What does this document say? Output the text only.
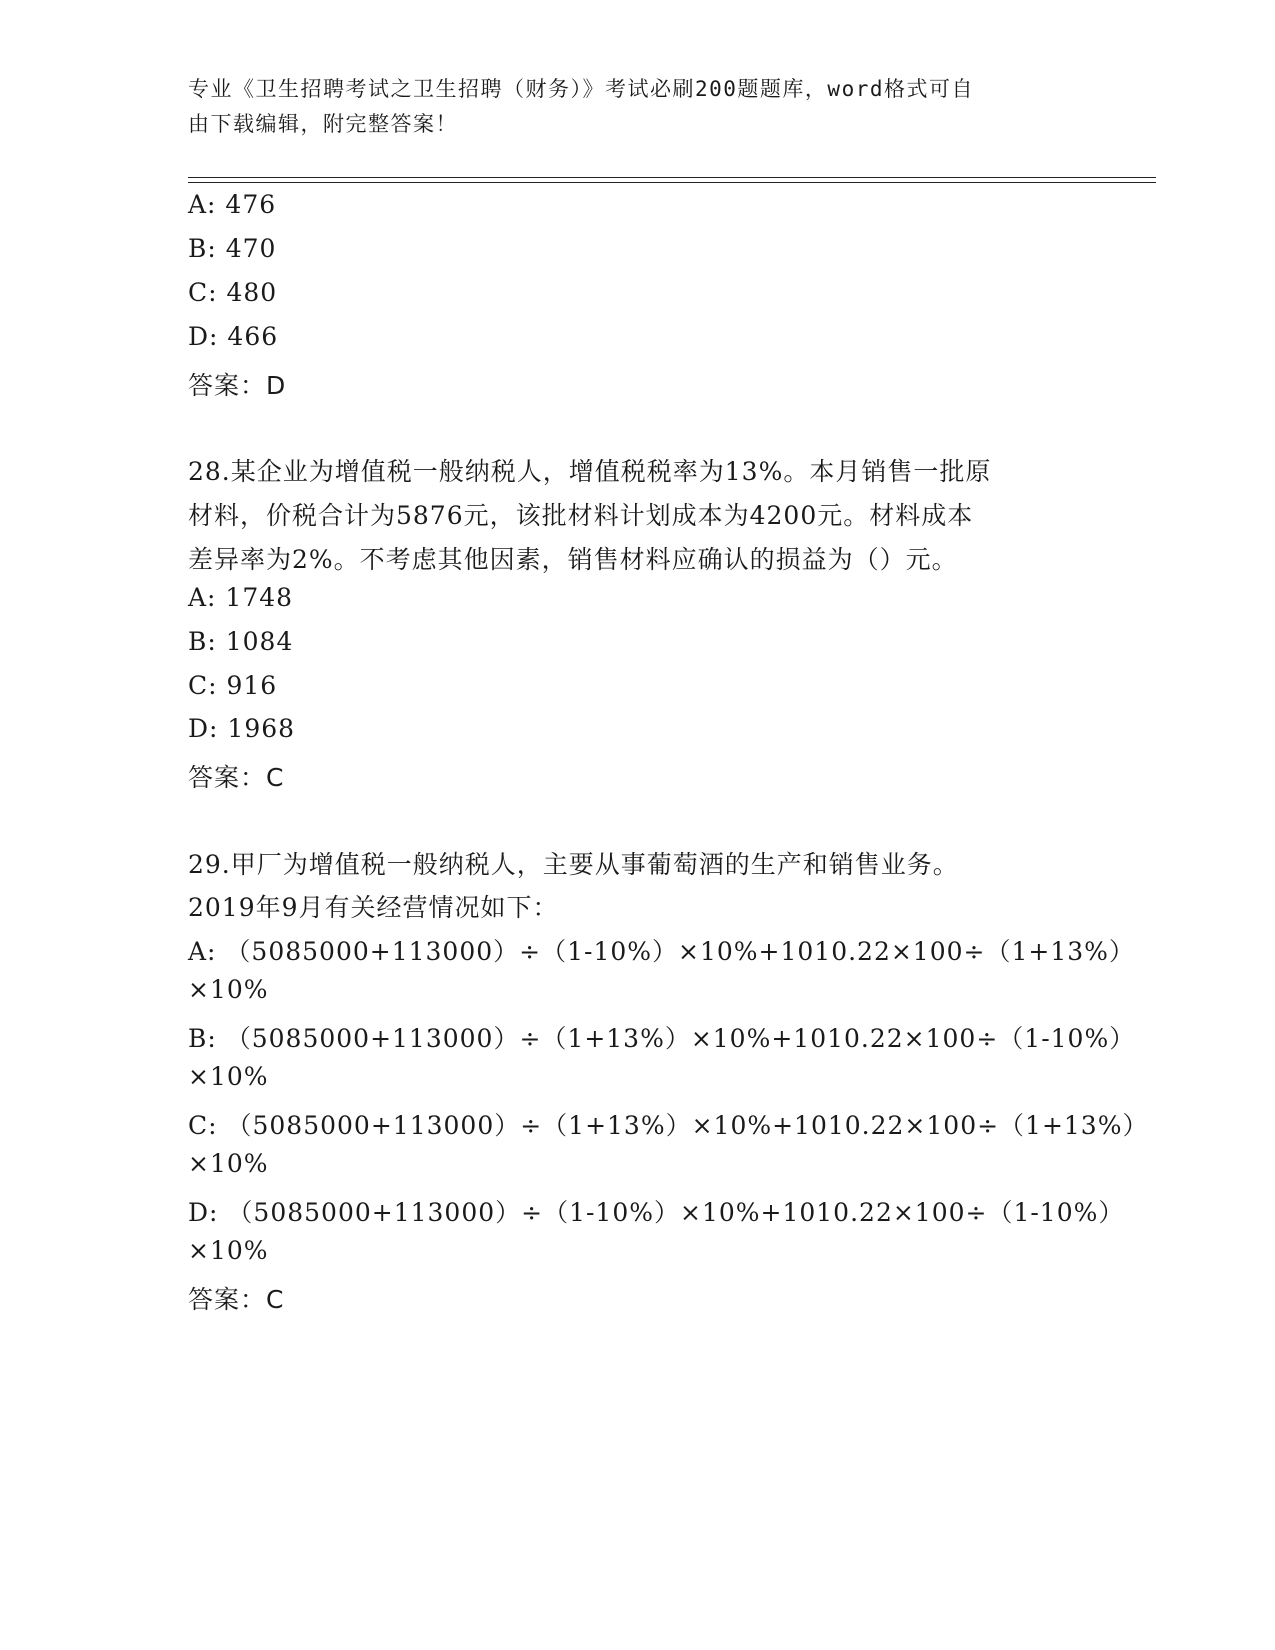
专业《卫生招聘考试之卫生招聘（财务）》考试必刷200题题库，word格式可自
由下载编辑，附完整答案！
A: 476
B: 470
C: 480
D: 466
答案：D
28.某企业为增值税一般纳税人，增值税税率为13%。本月销售一批原
材料，价税合计为5876元，该批材料计划成本为4200元。材料成本
差异率为2%。不考虑其他因素，销售材料应确认的损益为（）元。
A: 1748
B: 1084
C: 916
D: 1968
答案：C
29.甲厂为增值税一般纳税人，主要从事葡萄酒的生产和销售业务。
2019年9月有关经营情况如下：
A: （5085000+113000）÷（1-10%）×10%+1010.22×100÷（1+13%）
×10%
B: （5085000+113000）÷（1+13%）×10%+1010.22×100÷（1-10%）
×10%
C: （5085000+113000）÷（1+13%）×10%+1010.22×100÷（1+13%）
×10%
D: （5085000+113000）÷（1-10%）×10%+1010.22×100÷（1-10%）
×10%
答案：C
